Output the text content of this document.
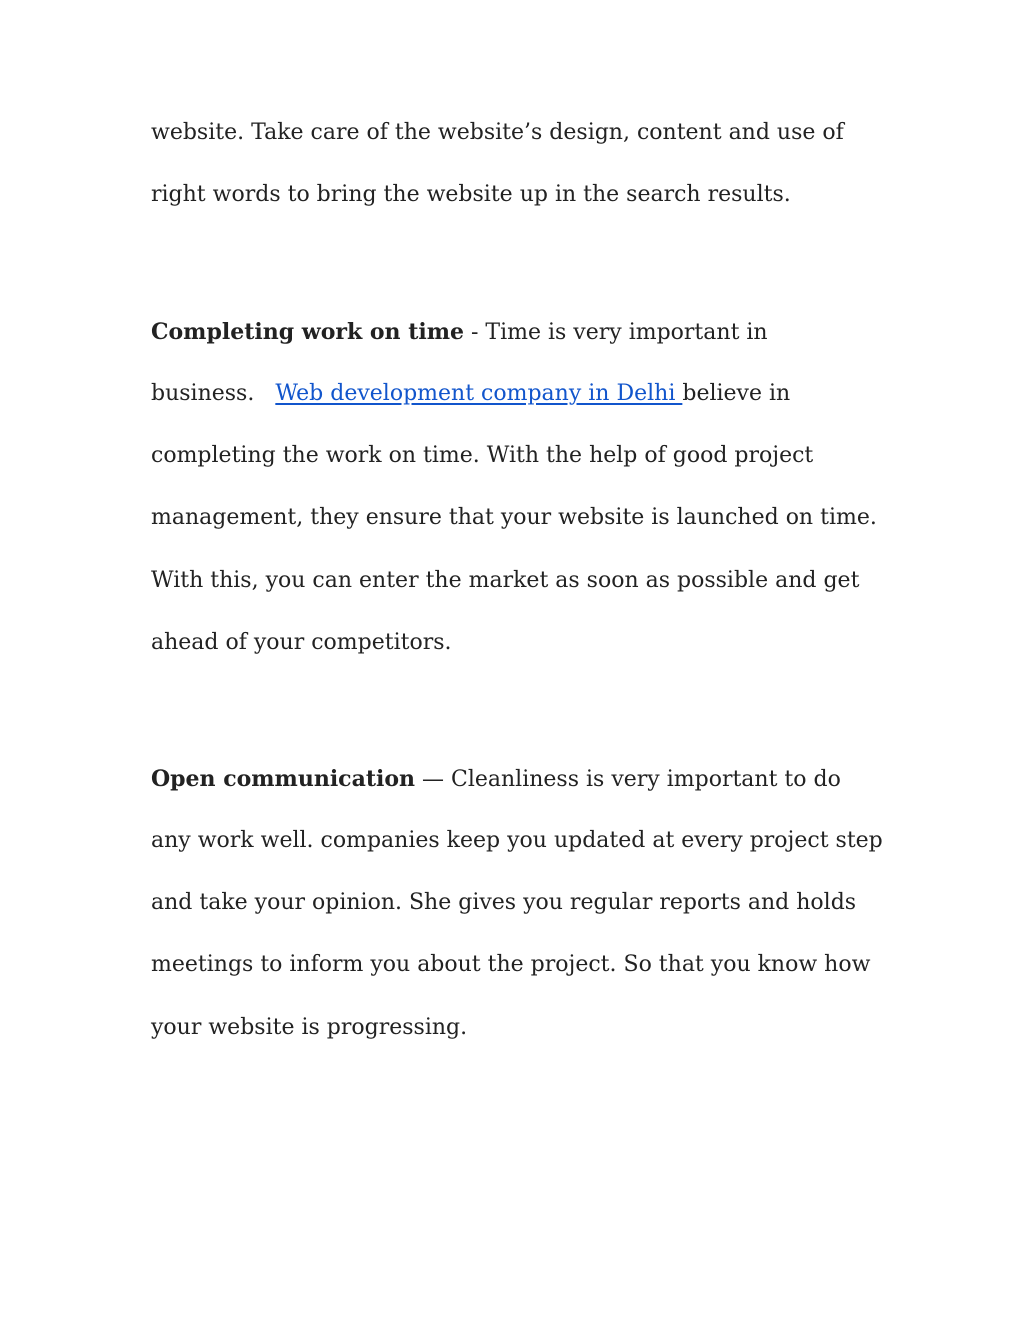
website. Take care of the website’s design, content and use of
right words to bring the website up in the search results.
Completing work on time - Time is very important in
business.   Web development company in Delhi believe in
completing the work on time. With the help of good project
management, they ensure that your website is launched on time.
With this, you can enter the market as soon as possible and get
ahead of your competitors.
Open communication — Cleanliness is very important to do
any work well. companies keep you updated at every project step
and take your opinion. She gives you regular reports and holds
meetings to inform you about the project. So that you know how
your website is progressing.
